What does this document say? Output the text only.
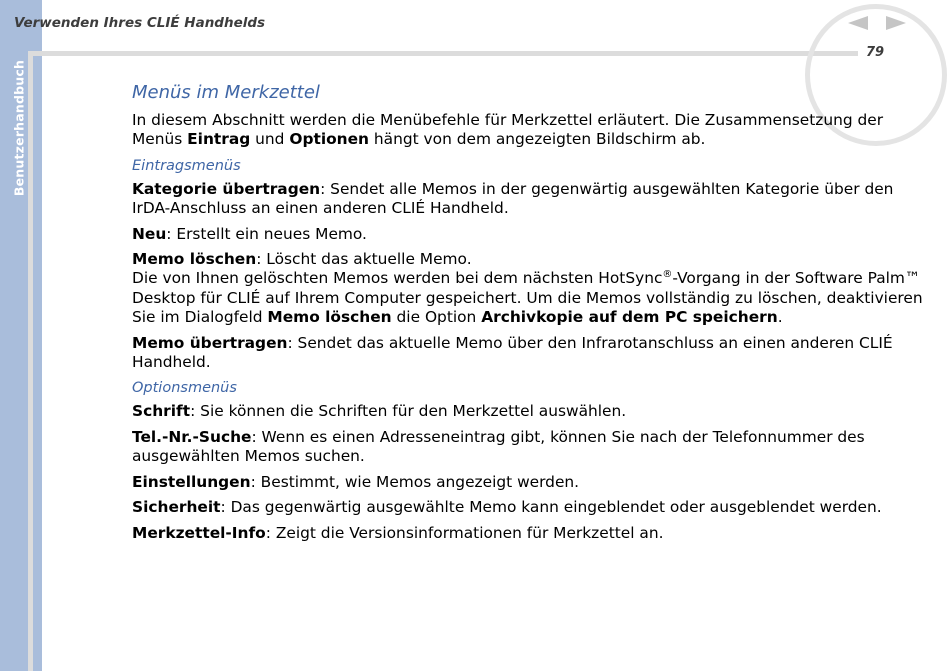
Benutzerhandbuch
Verwenden Ihres CLIÉ Handhelds
79
Menüs im Merkzettel

In diesem Abschnitt werden die Menübefehle für Merkzettel erläutert. Die Zusammensetzung der Menüs Eintrag und Optionen hängt von dem angezeigten Bildschirm ab.

Eintragsmenüs

Kategorie übertragen: Sendet alle Memos in der gegenwärtig ausgewählten Kategorie über den IrDA-Anschluss an einen anderen CLIÉ Handheld.

Neu: Erstellt ein neues Memo.

Memo löschen: Löscht das aktuelle Memo.
Die von Ihnen gelöschten Memos werden bei dem nächsten HotSync®-Vorgang in der Software Palm™ Desktop für CLIÉ auf Ihrem Computer gespeichert. Um die Memos vollständig zu löschen, deaktivieren Sie im Dialogfeld Memo löschen die Option Archivkopie auf dem PC speichern.

Memo übertragen: Sendet das aktuelle Memo über den Infrarotanschluss an einen anderen CLIÉ Handheld.

Optionsmenüs

Schrift: Sie können die Schriften für den Merkzettel auswählen.

Tel.-Nr.-Suche: Wenn es einen Adresseneintrag gibt, können Sie nach der Telefonnummer des ausgewählten Memos suchen.

Einstellungen: Bestimmt, wie Memos angezeigt werden.

Sicherheit: Das gegenwärtig ausgewählte Memo kann eingeblendet oder ausgeblendet werden.

Merkzettel-Info: Zeigt die Versionsinformationen für Merkzettel an.
